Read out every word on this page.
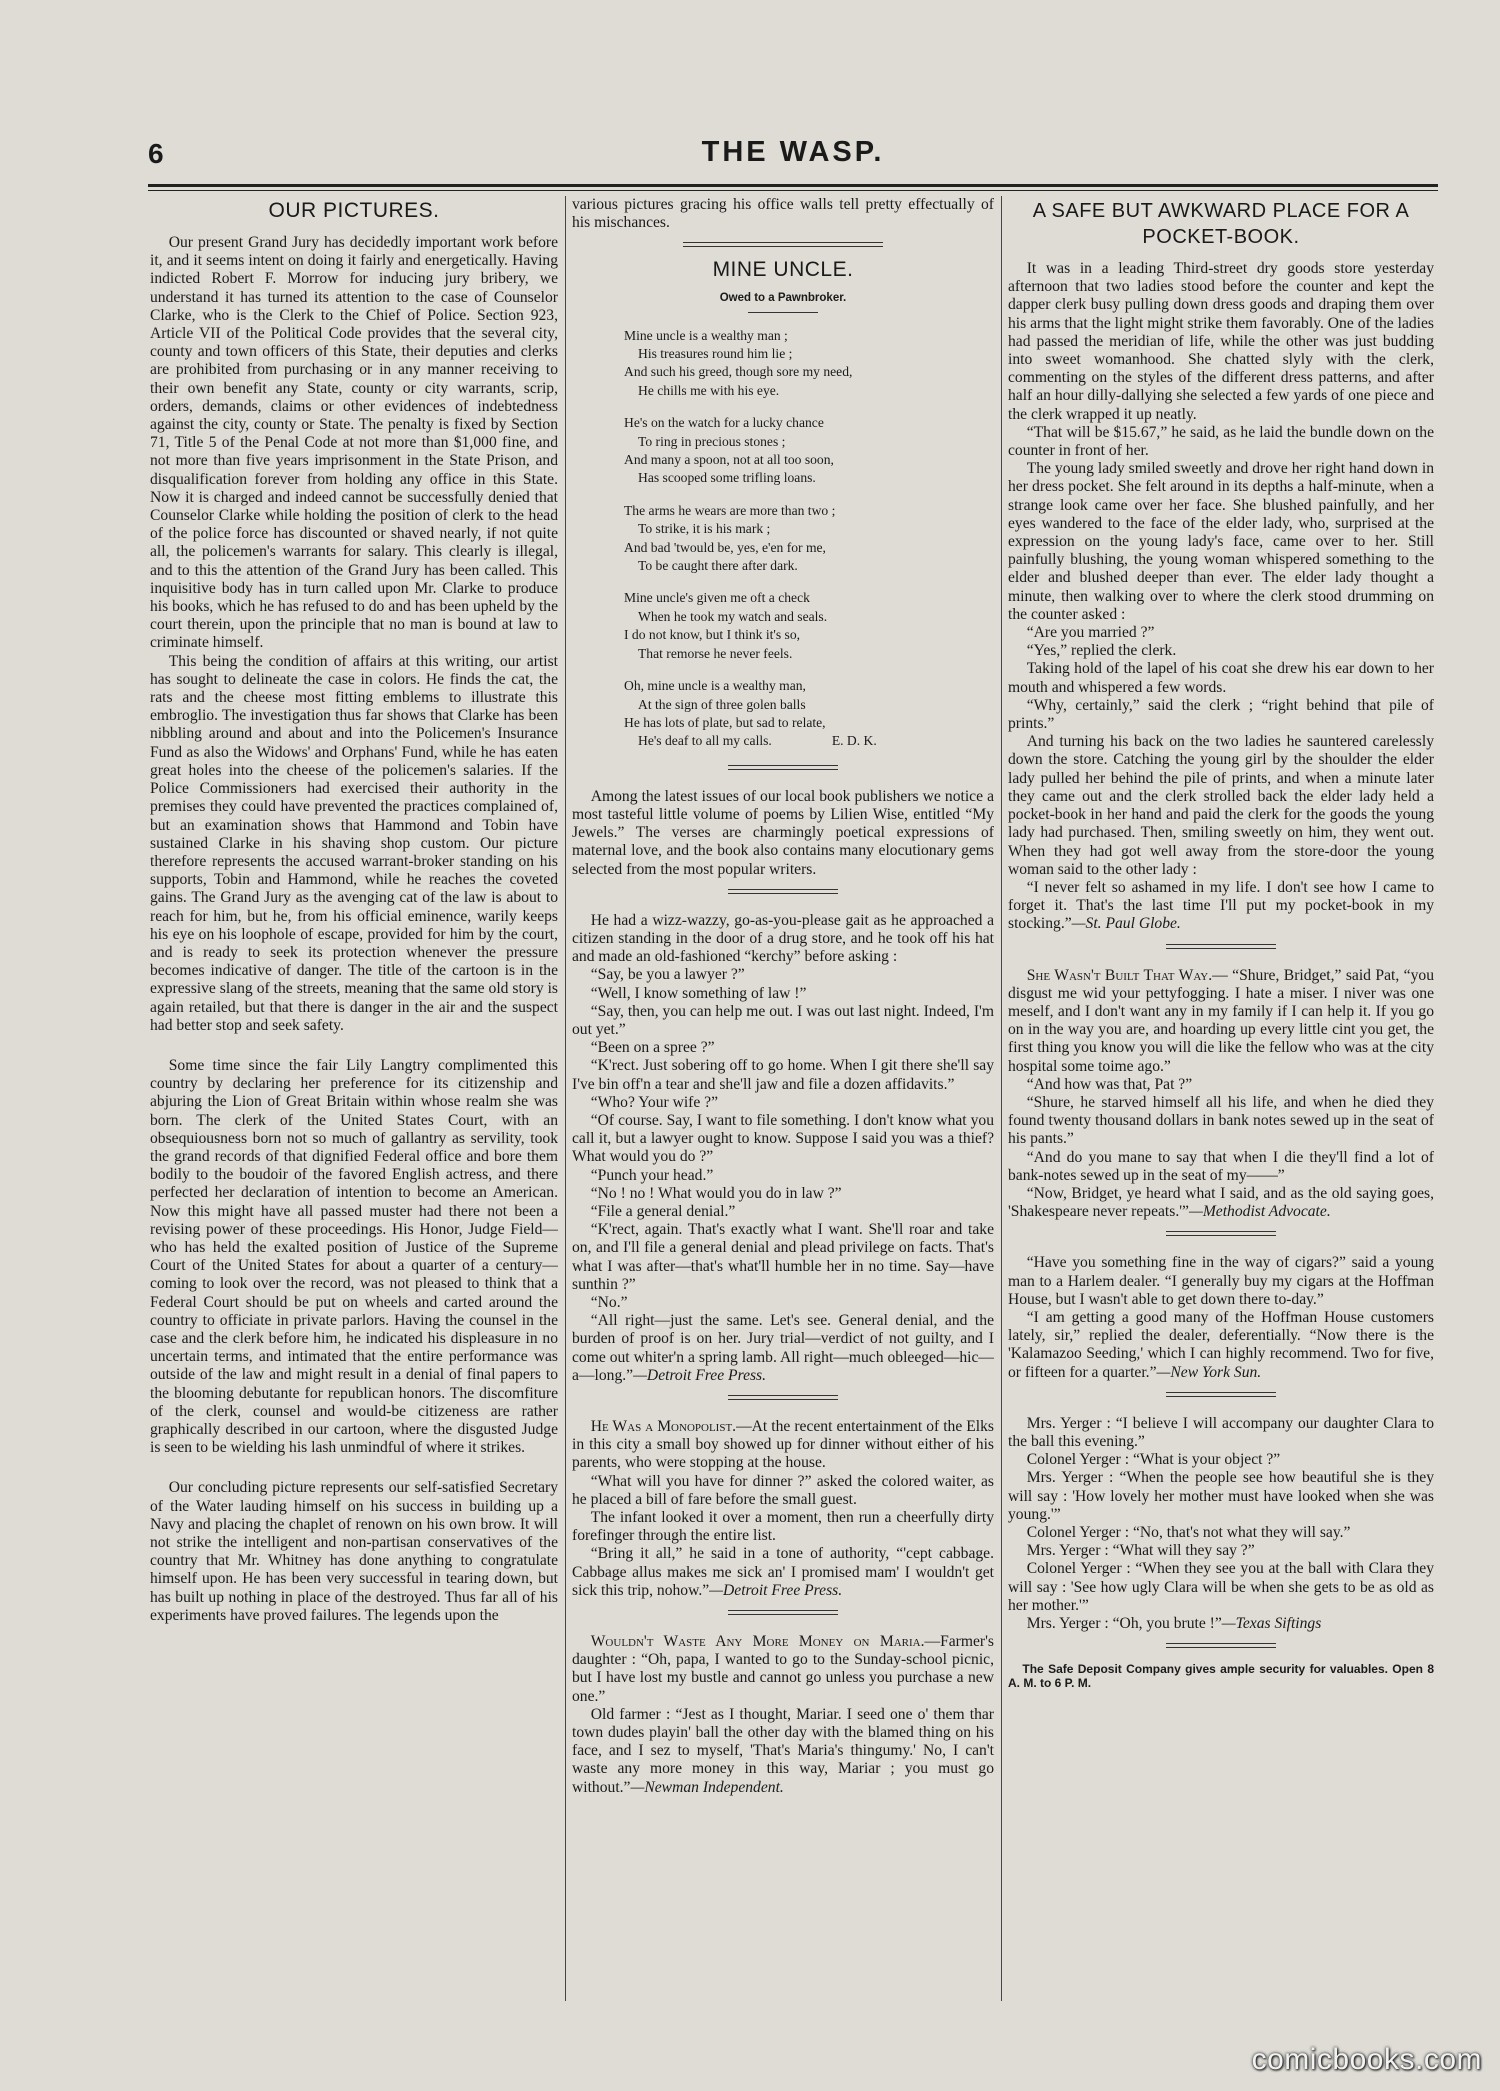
6	THE WASP.
OUR PICTURES.

Our present Grand Jury has decidedly important work before it, and it seems intent on doing it fairly and energetically. Having indicted Robert F. Morrow for inducing jury bribery, we understand it has turned its attention to the case of Counselor Clarke, who is the Clerk to the Chief of Police. Section 923, Article VII of the Political Code provides that the several city, county and town officers of this State, their deputies and clerks are prohibited from purchasing or in any manner receiving to their own benefit any State, county or city warrants, scrip, orders, demands, claims or other evidences of indebtedness against the city, county or State. The penalty is fixed by Section 71, Title 5 of the Penal Code at not more than $1,000 fine, and not more than five years imprisonment in the State Prison, and disqualification forever from holding any office in this State. Now it is charged and indeed cannot be successfully denied that Counselor Clarke while holding the position of clerk to the head of the police force has discounted or shaved nearly, if not quite all, the policemen's warrants for salary. This clearly is illegal, and to this the attention of the Grand Jury has been called. This inquisitive body has in turn called upon Mr. Clarke to produce his books, which he has refused to do and has been upheld by the court therein, upon the principle that no man is bound at law to criminate himself.

This being the condition of affairs at this writing, our artist has sought to delineate the case in colors. He finds the cat, the rats and the cheese most fitting emblems to illustrate this embroglio. The investigation thus far shows that Clarke has been nibbling around and about and into the Policemen's Insurance Fund as also the Widows' and Orphans' Fund, while he has eaten great holes into the cheese of the policemen's salaries. If the Police Commissioners had exercised their authority in the premises they could have prevented the practices complained of, but an examination shows that Hammond and Tobin have sustained Clarke in his shaving shop custom. Our picture therefore represents the accused warrant-broker standing on his supports, Tobin and Hammond, while he reaches the coveted gains. The Grand Jury as the avenging cat of the law is about to reach for him, but he, from his official eminence, warily keeps his eye on his loophole of escape, provided for him by the court, and is ready to seek its protection whenever the pressure becomes indicative of danger. The title of the cartoon is in the expressive slang of the streets, meaning that the same old story is again retailed, but that there is danger in the air and the suspect had better stop and seek safety.

Some time since the fair Lily Langtry complimented this country by declaring her preference for its citizenship and abjuring the Lion of Great Britain within whose realm she was born. The clerk of the United States Court, with an obsequiousness born not so much of gallantry as servility, took the grand records of that dignified Federal office and bore them bodily to the boudoir of the favored English actress, and there perfected her declaration of intention to become an American. Now this might have all passed muster had there not been a revising power of these proceedings. His Honor, Judge Field—who has held the exalted position of Justice of the Supreme Court of the United States for about a quarter of a century—coming to look over the record, was not pleased to think that a Federal Court should be put on wheels and carted around the country to officiate in private parlors. Having the counsel in the case and the clerk before him, he indicated his displeasure in no uncertain terms, and intimated that the entire performance was outside of the law and might result in a denial of final papers to the blooming debutante for republican honors. The discomfiture of the clerk, counsel and would-be citizeness are rather graphically described in our cartoon, where the disgusted Judge is seen to be wielding his lash unmindful of where it strikes.

Our concluding picture represents our self-satisfied Secretary of the Water lauding himself on his success in building up a Navy and placing the chaplet of renown on his own brow. It will not strike the intelligent and non-partisan conservatives of the country that Mr. Whitney has done anything to congratulate himself upon. He has been very successful in tearing down, but has built up nothing in place of the destroyed. Thus far all of his experiments have proved failures. The legends upon the

various pictures gracing his office walls tell pretty effectually of his mischances.

MINE UNCLE.
Owed to a Pawnbroker.
Mine uncle is a wealthy man ;
His treasures round him lie ;
And such his greed, though sore my need,
He chills me with his eye.
He's on the watch for a lucky chance
To ring in precious stones ;
And many a spoon, not at all too soon,
Has scooped some trifling loans.
The arms he wears are more than two ;
To strike, it is his mark ;
And bad 'twould be, yes, e'en for me,
To be caught there after dark.
Mine uncle's given me oft a check
When he took my watch and seals.
I do not know, but I think it's so,
That remorse he never feels.
Oh, mine uncle is a wealthy man,
At the sign of three golen balls
He has lots of plate, but sad to relate,
He's deaf to all my calls.	E. D. K.

Among the latest issues of our local book publishers we notice a most tasteful little volume of poems by Lilien Wise, entitled “My Jewels.” The verses are charmingly poetical expressions of maternal love, and the book also contains many elocutionary gems selected from the most popular writers.

He had a wizz-wazzy, go-as-you-please gait as he approached a citizen standing in the door of a drug store, and he took off his hat and made an old-fashioned “kerchy” before asking :

“Say, be you a lawyer ?”

“Well, I know something of law !”

“Say, then, you can help me out. I was out last night. Indeed, I'm out yet.”

“Been on a spree ?”

“K'rect. Just sobering off to go home. When I git there she'll say I've bin off'n a tear and she'll jaw and file a dozen affidavits.”

“Who? Your wife ?”

“Of course. Say, I want to file something. I don't know what you call it, but a lawyer ought to know. Suppose I said you was a thief? What would you do ?”

“Punch your head.”

“No ! no ! What would you do in law ?”

“File a general denial.”

“K'rect, again. That's exactly what I want. She'll roar and take on, and I'll file a general denial and plead privilege on facts. That's what I was after—that's what'll humble her in no time. Say—have sunthin ?”

“No.”

“All right—just the same. Let's see. General denial, and the burden of proof is on her. Jury trial—verdict of not guilty, and I come out whiter'n a spring lamb. All right—much obleeged—hic—a—long.”—Detroit Free Press.

He Was a Monopolist.—At the recent entertainment of the Elks in this city a small boy showed up for dinner without either of his parents, who were stopping at the house.

“What will you have for dinner ?” asked the colored waiter, as he placed a bill of fare before the small guest.

The infant looked it over a moment, then run a cheerfully dirty forefinger through the entire list.

“Bring it all,” he said in a tone of authority, “'cept cabbage. Cabbage allus makes me sick an' I promised mam' I wouldn't get sick this trip, nohow.”—Detroit Free Press.

Wouldn't Waste Any More Money on Maria.—Farmer's daughter : “Oh, papa, I wanted to go to the Sunday-school picnic, but I have lost my bustle and cannot go unless you purchase a new one.”

Old farmer : “Jest as I thought, Mariar. I seed one o' them thar town dudes playin' ball the other day with the blamed thing on his face, and I sez to myself, 'That's Maria's thingumy.' No, I can't waste any more money in this way, Mariar ; you must go without.”—Newman Independent.

A SAFE BUT AWKWARD PLACE FOR A POCKET-BOOK.

It was in a leading Third-street dry goods store yesterday afternoon that two ladies stood before the counter and kept the dapper clerk busy pulling down dress goods and draping them over his arms that the light might strike them favorably. One of the ladies had passed the meridian of life, while the other was just budding into sweet womanhood. She chatted slyly with the clerk, commenting on the styles of the different dress patterns, and after half an hour dilly-dallying she selected a few yards of one piece and the clerk wrapped it up neatly.

“That will be $15.67,” he said, as he laid the bundle down on the counter in front of her.

The young lady smiled sweetly and drove her right hand down in her dress pocket. She felt around in its depths a half-minute, when a strange look came over her face. She blushed painfully, and her eyes wandered to the face of the elder lady, who, surprised at the expression on the young lady's face, came over to her. Still painfully blushing, the young woman whispered something to the elder and blushed deeper than ever. The elder lady thought a minute, then walking over to where the clerk stood drumming on the counter asked :

“Are you married ?”

“Yes,” replied the clerk.

Taking hold of the lapel of his coat she drew his ear down to her mouth and whispered a few words.

“Why, certainly,” said the clerk ; “right behind that pile of prints.”

And turning his back on the two ladies he sauntered carelessly down the store. Catching the young girl by the shoulder the elder lady pulled her behind the pile of prints, and when a minute later they came out and the clerk strolled back the elder lady held a pocket-book in her hand and paid the clerk for the goods the young lady had purchased. Then, smiling sweetly on him, they went out. When they had got well away from the store-door the young woman said to the other lady :

“I never felt so ashamed in my life. I don't see how I came to forget it. That's the last time I'll put my pocket-book in my stocking.”—St. Paul Globe.

She Wasn't Built That Way.— “Shure, Bridget,” said Pat, “you disgust me wid your pettyfogging. I hate a miser. I niver was one meself, and I don't want any in my family if I can help it. If you go on in the way you are, and hoarding up every little cint you get, the first thing you know you will die like the fellow who was at the city hospital some toime ago.”

“And how was that, Pat ?”

“Shure, he starved himself all his life, and when he died they found twenty thousand dollars in bank notes sewed up in the seat of his pants.”

“And do you mane to say that when I die they'll find a lot of bank-notes sewed up in the seat of my——”

“Now, Bridget, ye heard what I said, and as the old saying goes, 'Shakespeare never repeats.'”—Methodist Advocate.

“Have you something fine in the way of cigars?” said a young man to a Harlem dealer. “I generally buy my cigars at the Hoffman House, but I wasn't able to get down there to-day.”

“I am getting a good many of the Hoffman House customers lately, sir,” replied the dealer, deferentially. “Now there is the 'Kalamazoo Seeding,' which I can highly recommend. Two for five, or fifteen for a quarter.”—New York Sun.

Mrs. Yerger : “I believe I will accompany our daughter Clara to the ball this evening.”

Colonel Yerger : “What is your object ?”

Mrs. Yerger : “When the people see how beautiful she is they will say : 'How lovely her mother must have looked when she was young.'”

Colonel Yerger : “No, that's not what they will say.”

Mrs. Yerger : “What will they say ?”

Colonel Yerger : “When they see you at the ball with Clara they will say : 'See how ugly Clara will be when she gets to be as old as her mother.'”

Mrs. Yerger : “Oh, you brute !”—Texas Siftings

The Safe Deposit Company gives ample security for valuables. Open 8 A. M. to 6 P. M.
comicbooks.com
